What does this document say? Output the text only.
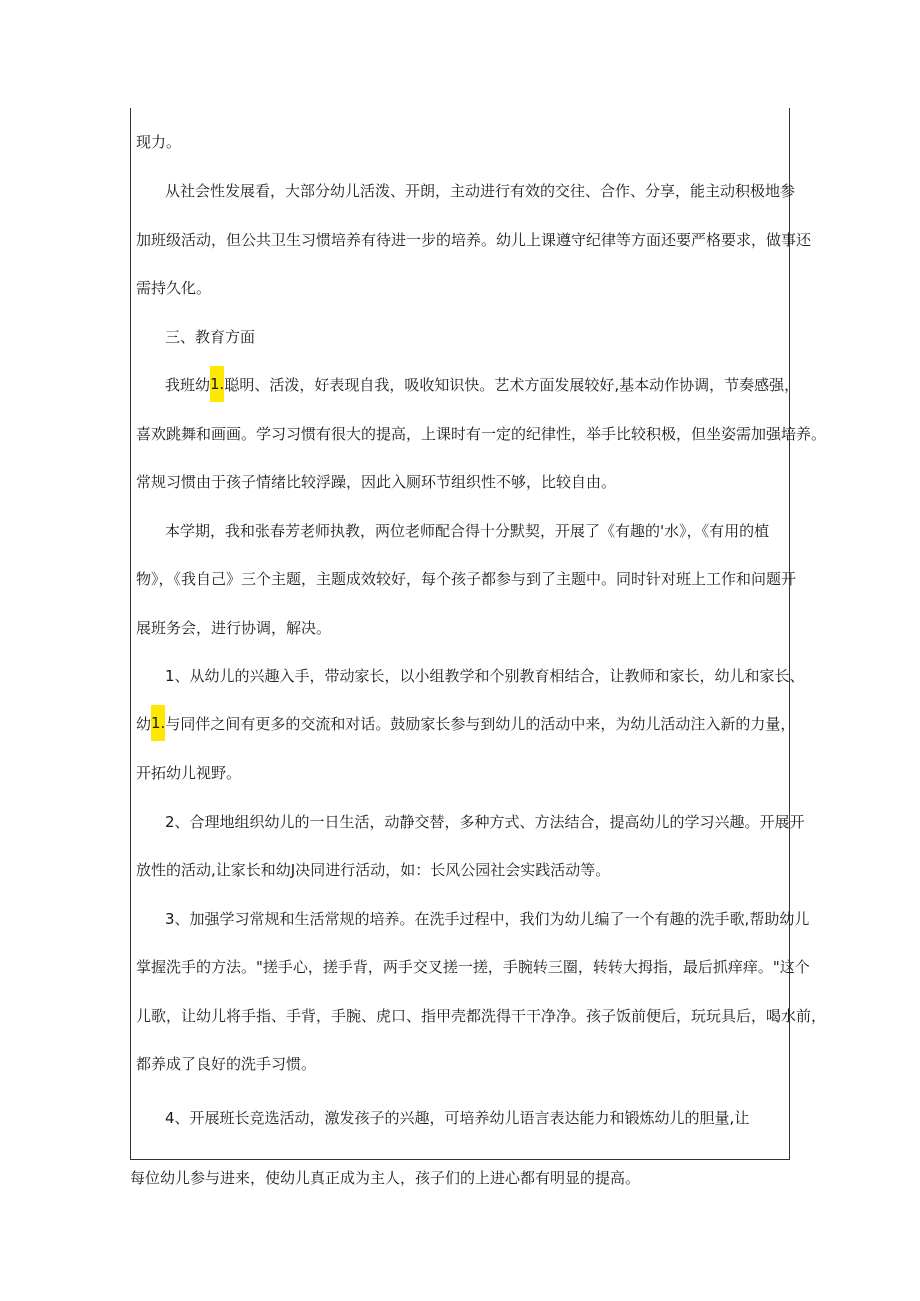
现力。
从社会性发展看，大部分幼儿活泼、开朗，主动进行有效的交往、合作、分享，能主动积极地参
加班级活动，但公共卫生习惯培养有待进一步的培养。幼儿上课遵守纪律等方面还要严格要求，做事还
需持久化。
三、教育方面
我班幼1.聪明、活泼，好表现自我，吸收知识快。艺术方面发展较好,基本动作协调，节奏感强，
喜欢跳舞和画画。学习习惯有很大的提高，上课时有一定的纪律性，举手比较积极，但坐姿需加强培养。
常规习惯由于孩子情绪比较浮躁，因此入厕环节组织性不够，比较自由。
本学期，我和张春芳老师执教，两位老师配合得十分默契，开展了《有趣的'水》，《有用的植
物》，《我自己》三个主题，主题成效较好，每个孩子都参与到了主题中。同时针对班上工作和问题开
展班务会，进行协调，解决。
1、从幼儿的兴趣入手，带动家长，以小组教学和个别教育相结合，让教师和家长，幼儿和家长、
幼1.与同伴之间有更多的交流和对话。鼓励家长参与到幼儿的活动中来，为幼儿活动注入新的力量，
开拓幼儿视野。
2、合理地组织幼儿的一日生活，动静交替，多种方式、方法结合，提高幼儿的学习兴趣。开展开
放性的活动,让家长和幼J决同进行活动，如：长风公园社会实践活动等。
3、加强学习常规和生活常规的培养。在洗手过程中，我们为幼儿编了一个有趣的洗手歌,帮助幼儿
掌握洗手的方法。"搓手心，搓手背，两手交叉搓一搓，手腕转三圈，转转大拇指，最后抓痒痒。"这个
儿歌，让幼儿将手指、手背，手腕、虎口、指甲壳都洗得干干净净。孩子饭前便后，玩玩具后，喝水前，
都养成了良好的洗手习惯。
4、开展班长竞选活动，激发孩子的兴趣，可培养幼儿语言表达能力和锻炼幼儿的胆量,让
每位幼儿参与进来，使幼儿真正成为主人，孩子们的上进心都有明显的提高。
